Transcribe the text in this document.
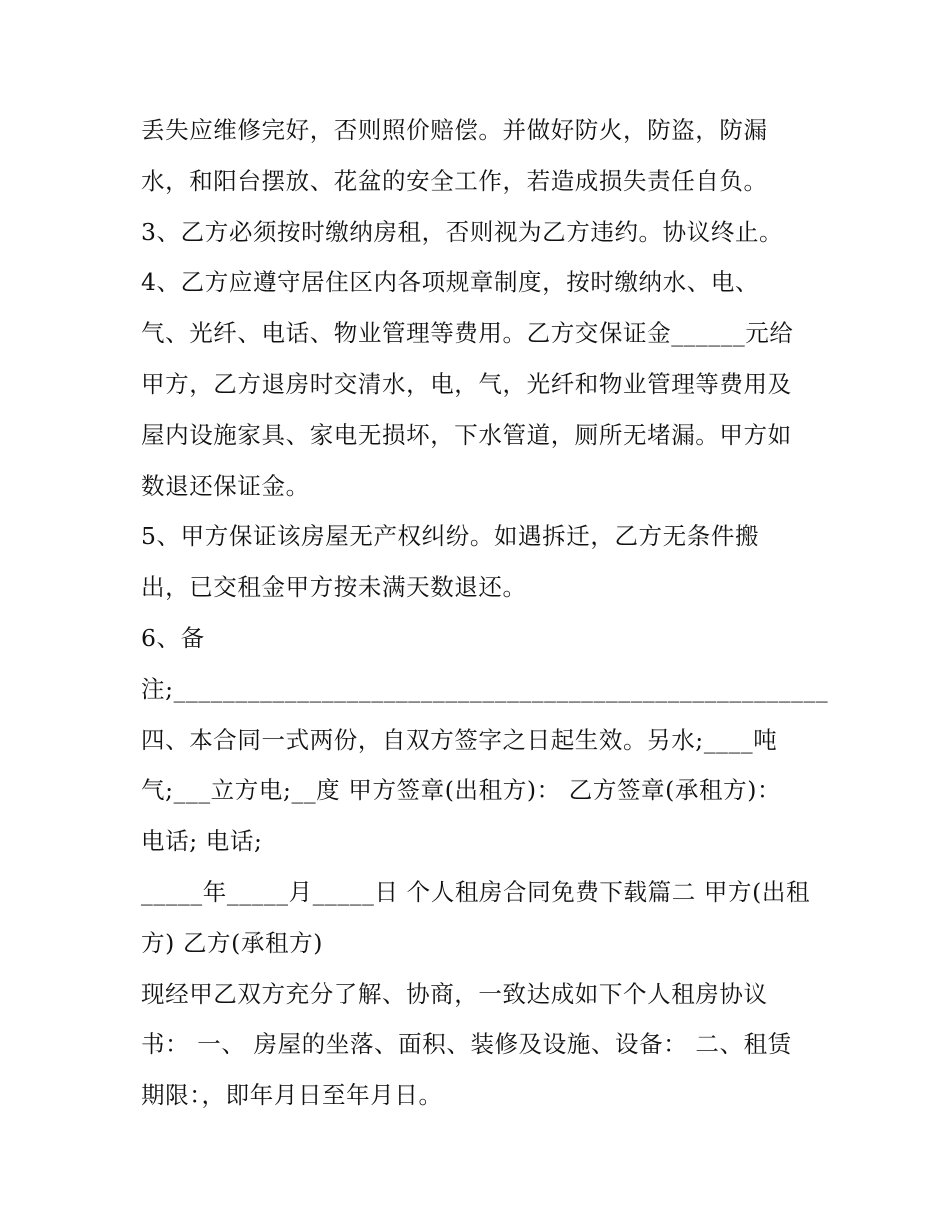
丢失应维修完好，否则照价赔偿。并做好防火，防盗，防漏
水，和阳台摆放、花盆的安全工作，若造成损失责任自负。
3、乙方必须按时缴纳房租，否则视为乙方违约。协议终止。
4、乙方应遵守居住区内各项规章制度，按时缴纳水、电、
气、光纤、电话、物业管理等费用。乙方交保证金______元给
甲方，乙方退房时交清水，电，气，光纤和物业管理等费用及
屋内设施家具、家电无损坏，下水管道，厕所无堵漏。甲方如
数退还保证金。
5、甲方保证该房屋无产权纠纷。如遇拆迁，乙方无条件搬
出，已交租金甲方按未满天数退还。
6、备
注;_____________________________________________________
四、本合同一式两份，自双方签字之日起生效。另水;____吨
气;___立方电;__度 甲方签章(出租方)： 乙方签章(承租方)：
电话; 电话;
_____年_____月_____日 个人租房合同免费下载篇二 甲方(出租
方) 乙方(承租方)
现经甲乙双方充分了解、协商，一致达成如下个人租房协议
书： 一、 房屋的坐落、面积、装修及设施、设备： 二、租赁
期限：，即年月日至年月日。
